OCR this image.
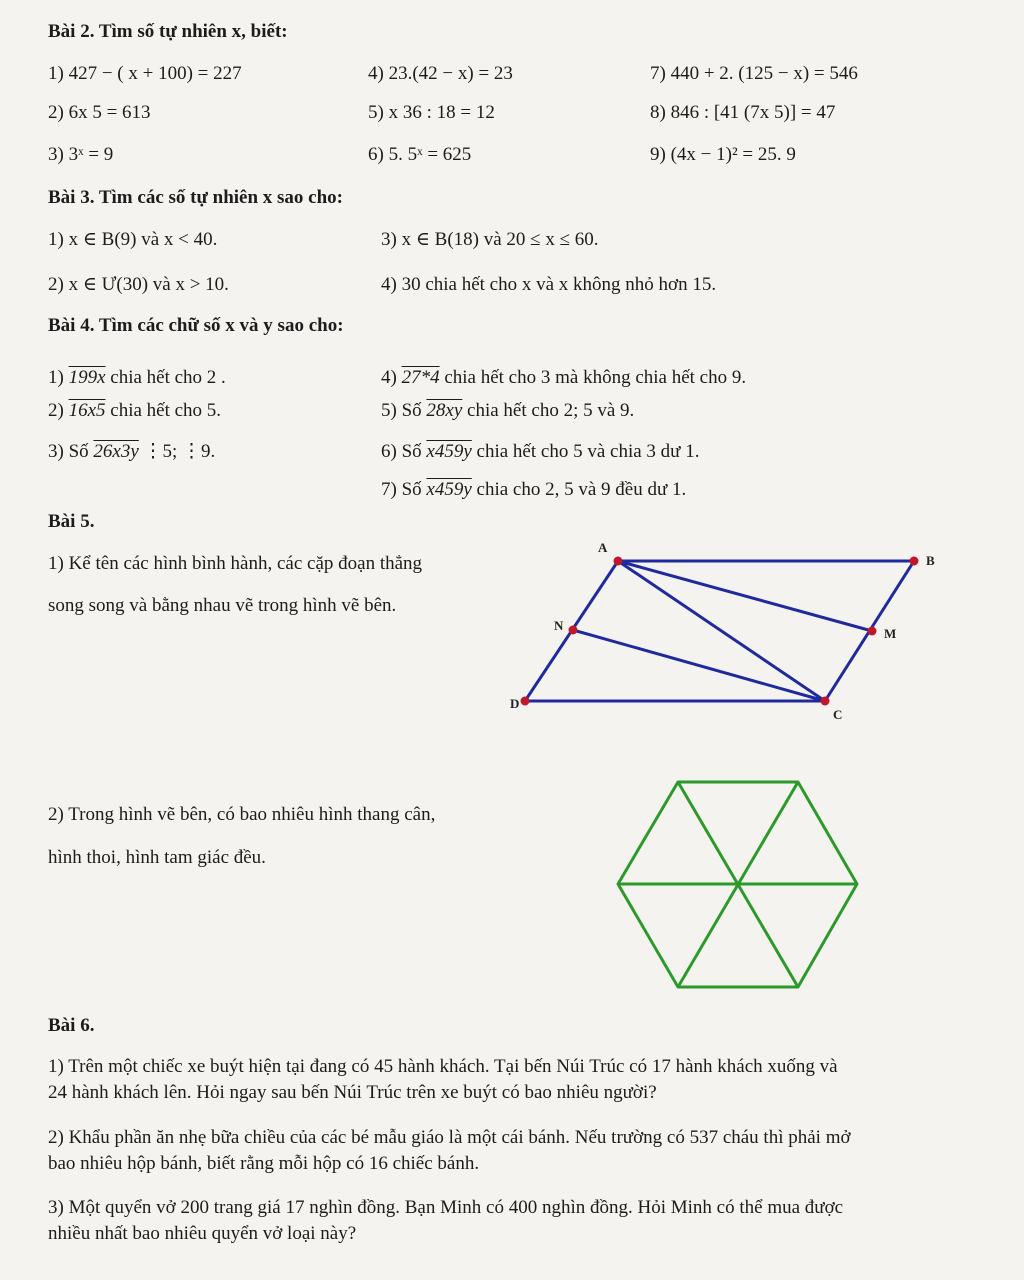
Bài 2. Tìm số tự nhiên x, biết:
1) 427 − ( x + 100) = 227	4) 23.(42 − x) = 23	7) 440 + 2. (125 − x) = 546
2) 6x 5 = 613	5) x 36 : 18 = 12	8) 846 : [41 (7x 5)] = 47
3) 3ˣ = 9	6) 5. 5ˣ = 625	9) (4x − 1)² = 25. 9
Bài 3. Tìm các số tự nhiên x sao cho:
1) x ∈ B(9) và x < 40.	3) x ∈ B(18) và 20 ≤ x ≤ 60.
2) x ∈ Ư(30) và x > 10.	4) 30 chia hết cho x và x không nhỏ hơn 15.
Bài 4. Tìm các chữ số x và y sao cho:
1) 199x chia hết cho 2 .	4) 27*4 chia hết cho 3 mà không chia hết cho 9.
2) 16x5 chia hết cho 5.	5) Số 28xy chia hết cho 2; 5 và 9.
3) Số 26x3y ⋮5; ⋮9.	6) Số x459y chia hết cho 5 và chia 3 dư 1.
7) Số x459y chia cho 2, 5 và 9 đều dư 1.
Bài 5.
1) Kể tên các hình bình hành, các cặp đoạn thẳng
song song và bằng nhau vẽ trong hình vẽ bên.
A
B
M
N
D
C
2) Trong hình vẽ bên, có bao nhiêu hình thang cân,
hình thoi, hình tam giác đều.
Bài 6.
1) Trên một chiếc xe buýt hiện tại đang có 45 hành khách. Tại bến Núi Trúc có 17 hành khách xuống và
24 hành khách lên. Hỏi ngay sau bến Núi Trúc trên xe buýt có bao nhiêu người?
2) Khẩu phần ăn nhẹ bữa chiều của các bé mẫu giáo là một cái bánh. Nếu trường có 537 cháu thì phải mở
bao nhiêu hộp bánh, biết rằng mỗi hộp có 16 chiếc bánh.
3) Một quyển vở 200 trang giá 17 nghìn đồng. Bạn Minh có 400 nghìn đồng. Hỏi Minh có thể mua được
nhiều nhất bao nhiêu quyển vở loại này?
